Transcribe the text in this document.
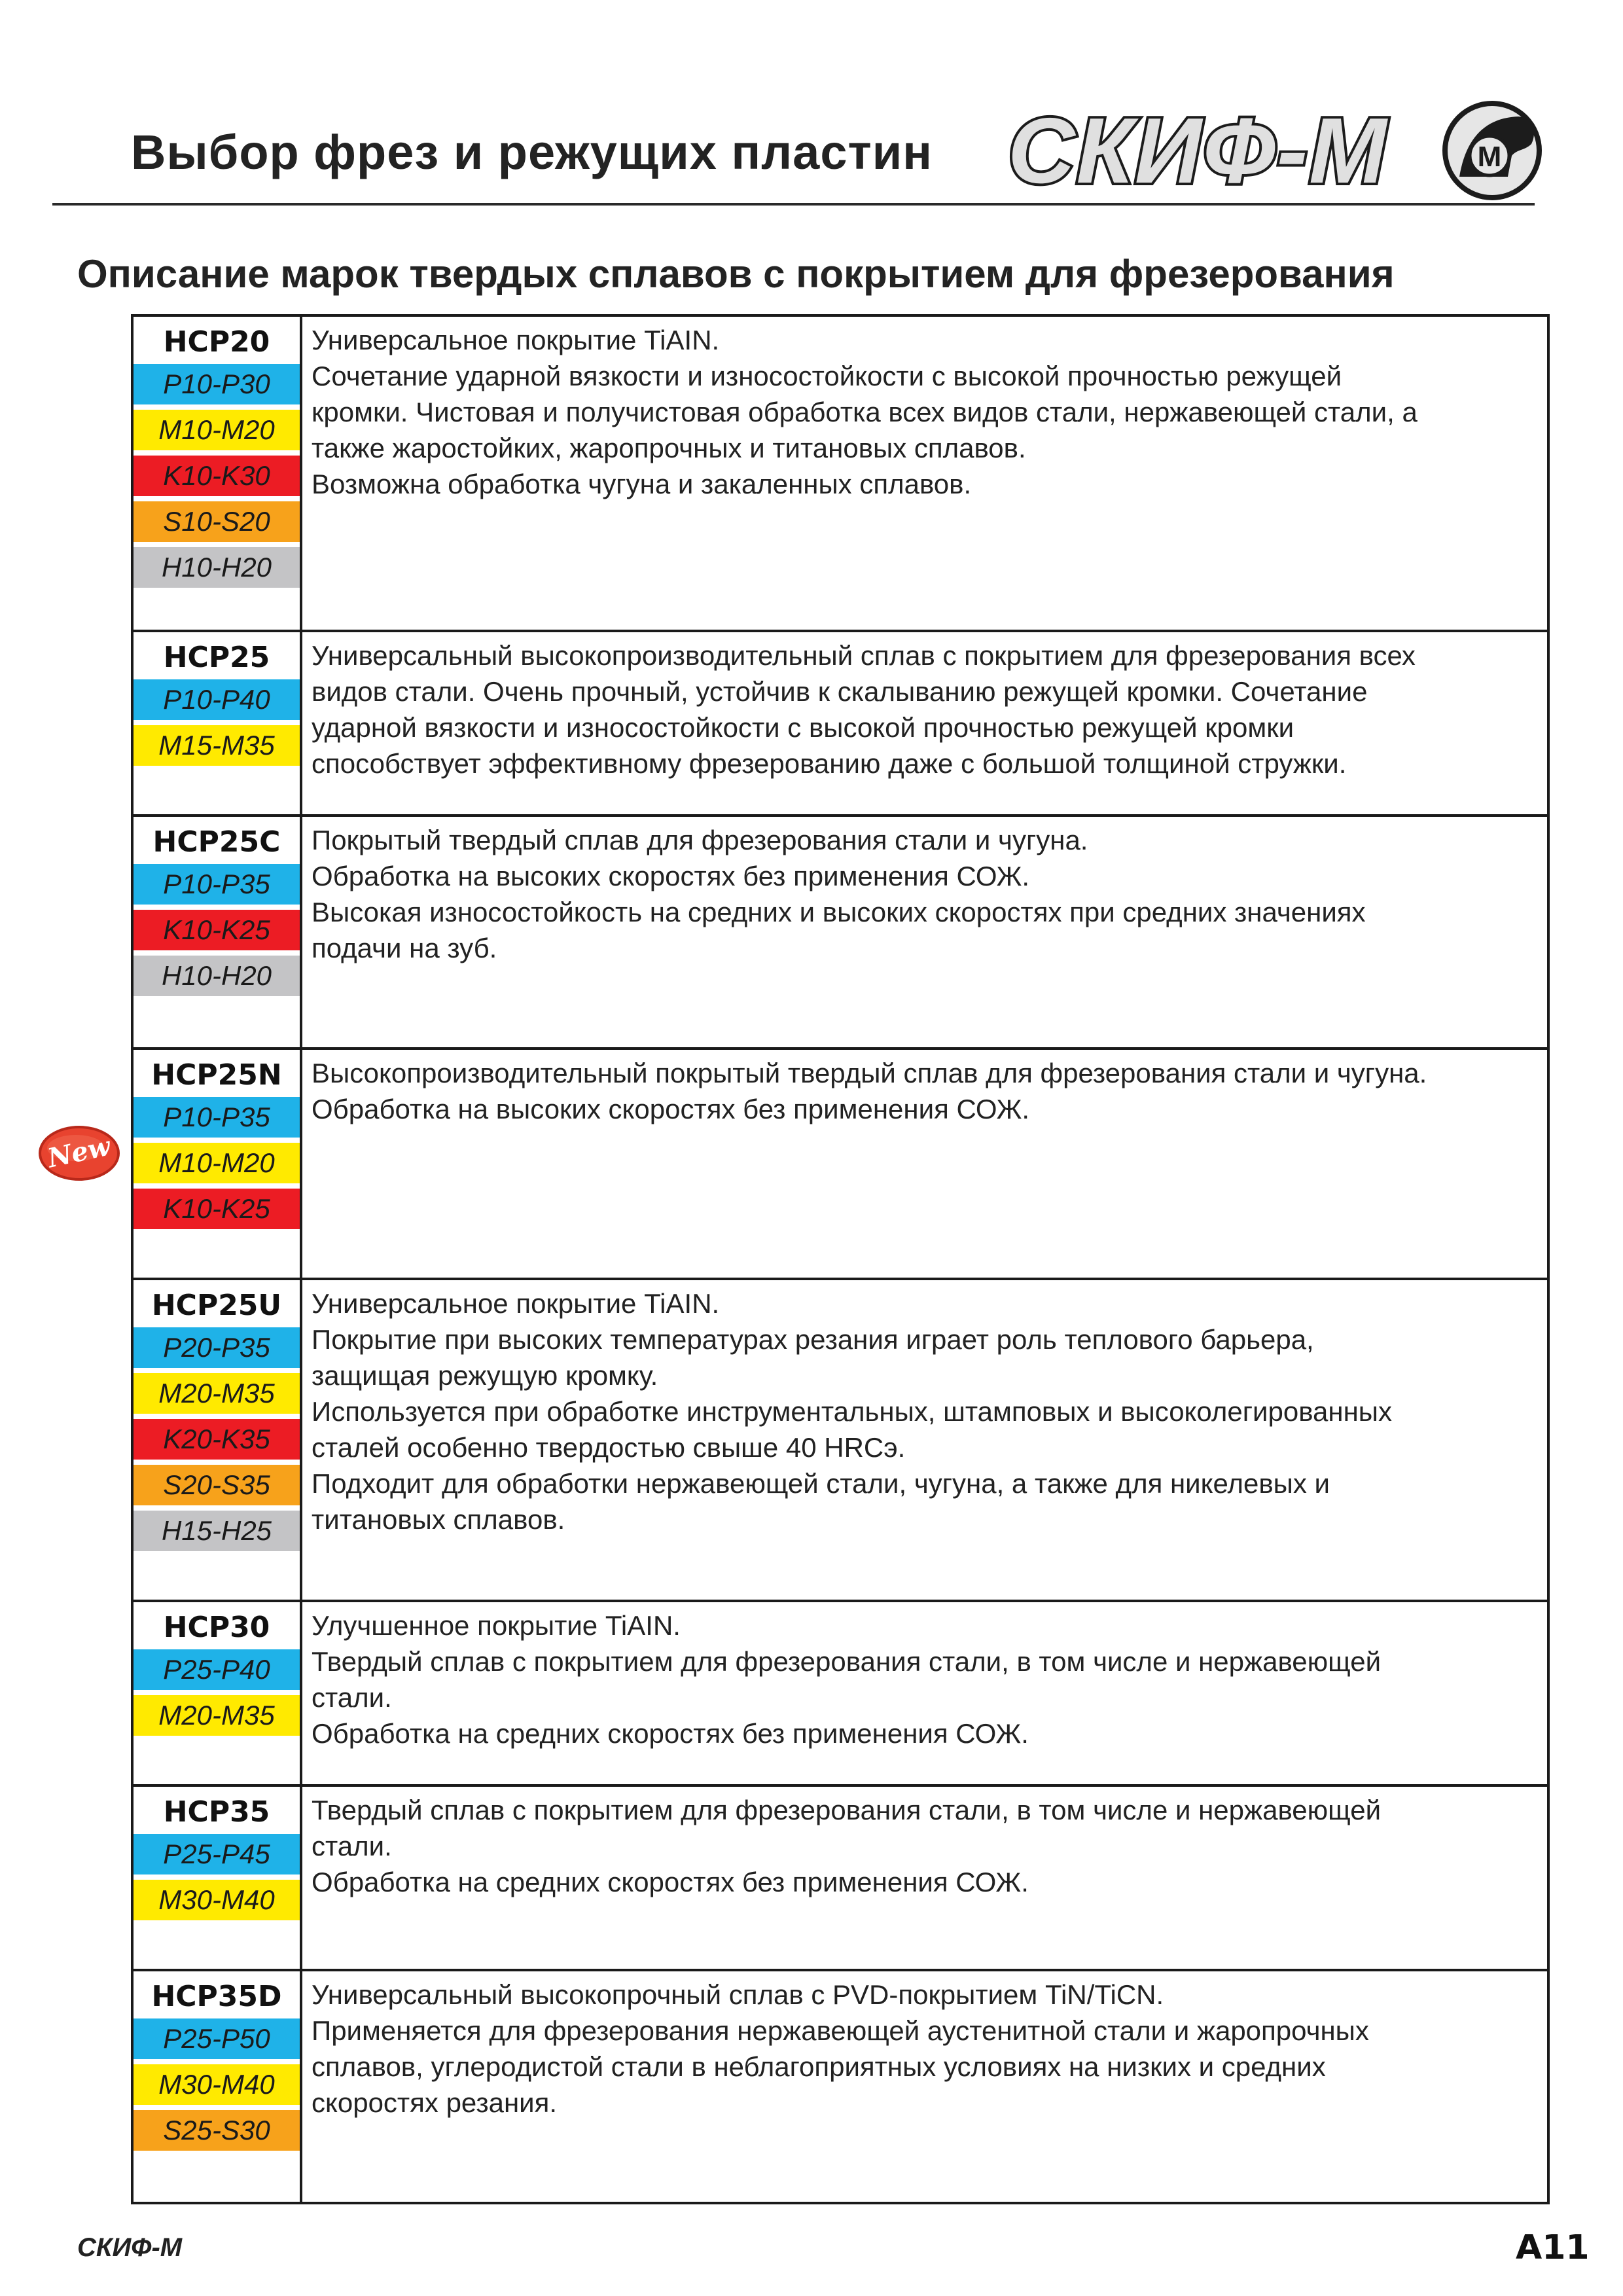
Выбор фрез и режущих пластин СКИФ-М	М
Описание марок твердых сплавов с покрытием для фрезерования
HCP20
P10-P30
M10-M20
K10-K30
S10-S20
H10-H20
Универсальное покрытие TiAIN.
Сочетание ударной вязкости и износостойкости с высокой прочностью режущей
кромки. Чистовая и получистовая обработка всех видов стали, нержавеющей стали, а
также жаростойких, жаропрочных и титановых сплавов.
Возможна обработка чугуна и закаленных сплавов.
HCP25
P10-P40
M15-M35
Универсальный высокопроизводительный сплав с покрытием для фрезерования всех
видов стали. Очень прочный, устойчив к скалыванию режущей кромки. Сочетание
ударной вязкости и износостойкости с высокой прочностью режущей кромки
способствует эффективному фрезерованию даже с большой толщиной стружки.
HCP25C
P10-P35
K10-K25
H10-H20
Покрытый твердый сплав для фрезерования стали и чугуна.
Обработка на высоких скоростях без применения СОЖ.
Высокая износостойкость на средних и высоких скоростях при средних значениях
подачи на зуб.
HCP25N
P10-P35
M10-M20
K10-K25
Высокопроизводительный покрытый твердый сплав для фрезерования стали и чугуна.
Обработка на высоких скоростях без применения СОЖ.
HCP25U
P20-P35
M20-M35
K20-K35
S20-S35
H15-H25
Универсальное покрытие TiAIN.
Покрытие при высоких температурах резания играет роль теплового барьера,
защищая режущую кромку.
Используется при обработке инструментальных, штамповых и высоколегированных
сталей особенно твердостью свыше 40 HRCэ.
Подходит для обработки нержавеющей стали, чугуна, а также для никелевых и
титановых сплавов.
HCP30
P25-P40
M20-M35
Улучшенное покрытие TiAIN.
Твердый сплав с покрытием для фрезерования стали, в том числе и нержавеющей
стали.
Обработка на средних скоростях без применения СОЖ.
HCP35
P25-P45
M30-M40
Твердый сплав с покрытием для фрезерования стали, в том числе и нержавеющей
стали.
Обработка на средних скоростях без применения СОЖ.
HCP35D
P25-P50
M30-M40
S25-S30
Универсальный высокопрочный сплав с PVD-покрытием TiN/TiCN.
Применяется для фрезерования нержавеющей аустенитной стали и жаропрочных
сплавов, углеродистой стали в неблагоприятных условиях на низких и средних
скоростях резания.
New
СКИФ-М	A11
